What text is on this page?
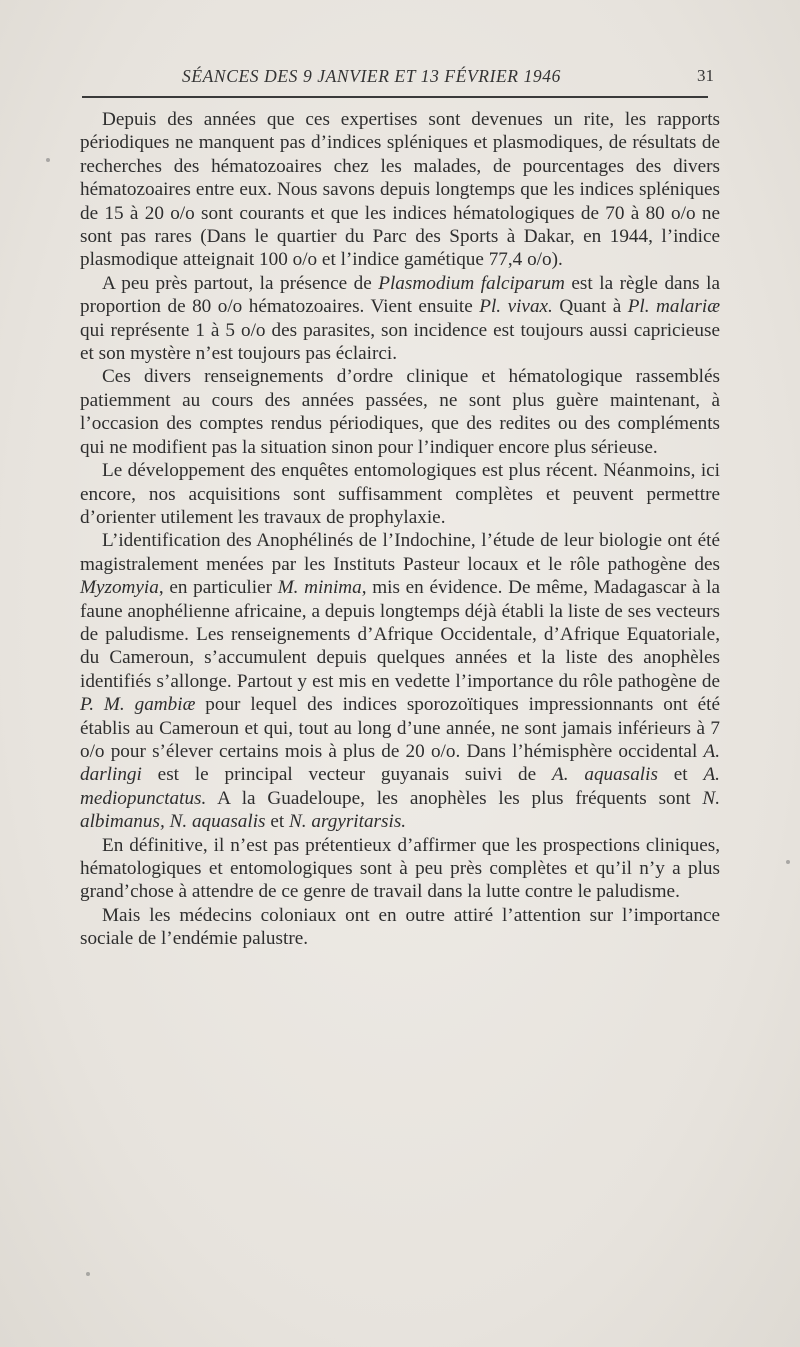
SÉANCES DES 9 JANVIER ET 13 FÉVRIER 1946	31

Depuis des années que ces expertises sont devenues un rite, les rapports périodiques ne manquent pas d’indices spléniques et plasmodiques, de résultats de recherches des hématozoaires chez les malades, de pourcentages des divers hématozoaires entre eux. Nous savons depuis longtemps que les indices spléniques de 15 à 20 o/o sont courants et que les indices hématologiques de 70 à 80 o/o ne sont pas rares (Dans le quartier du Parc des Sports à Dakar, en 1944, l’indice plasmodique atteignait 100 o/o et l’indice gamétique 77,4 o/o).

A peu près partout, la présence de Plasmodium falciparum est la règle dans la proportion de 80 o/o hématozoaires. Vient ensuite Pl. vivax. Quant à Pl. malariæ qui représente 1 à 5 o/o des parasites, son incidence est toujours aussi capricieuse et son mystère n’est toujours pas éclairci.

Ces divers renseignements d’ordre clinique et hématologique rassemblés patiemment au cours des années passées, ne sont plus guère maintenant, à l’occasion des comptes rendus périodiques, que des redites ou des compléments qui ne modifient pas la situation sinon pour l’indiquer encore plus sérieuse.

Le développement des enquêtes entomologiques est plus récent. Néanmoins, ici encore, nos acquisitions sont suffisamment complètes et peuvent permettre d’orienter utilement les travaux de prophylaxie.

L’identification des Anophélinés de l’Indochine, l’étude de leur biologie ont été magistralement menées par les Instituts Pasteur locaux et le rôle pathogène des Myzomyia, en particulier M. minima, mis en évidence. De même, Madagascar à la faune anophélienne africaine, a depuis longtemps déjà établi la liste de ses vecteurs de paludisme. Les renseignements d’Afrique Occidentale, d’Afrique Equatoriale, du Cameroun, s’accumulent depuis quelques années et la liste des anophèles identifiés s’allonge. Partout y est mis en vedette l’importance du rôle pathogène de P. M. gambiæ pour lequel des indices sporozoïtiques impressionnants ont été établis au Cameroun et qui, tout au long d’une année, ne sont jamais inférieurs à 7 o/o pour s’élever certains mois à plus de 20 o/o. Dans l’hémisphère occidental A. darlingi est le principal vecteur guyanais suivi de A. aquasalis et A. mediopunctatus. A la Guadeloupe, les anophèles les plus fréquents sont N. albimanus, N. aquasalis et N. argyritarsis.

En définitive, il n’est pas prétentieux d’affirmer que les prospections cliniques, hématologiques et entomologiques sont à peu près complètes et qu’il n’y a plus grand’chose à attendre de ce genre de travail dans la lutte contre le paludisme.

Mais les médecins coloniaux ont en outre attiré l’attention sur l’importance sociale de l’endémie palustre.
